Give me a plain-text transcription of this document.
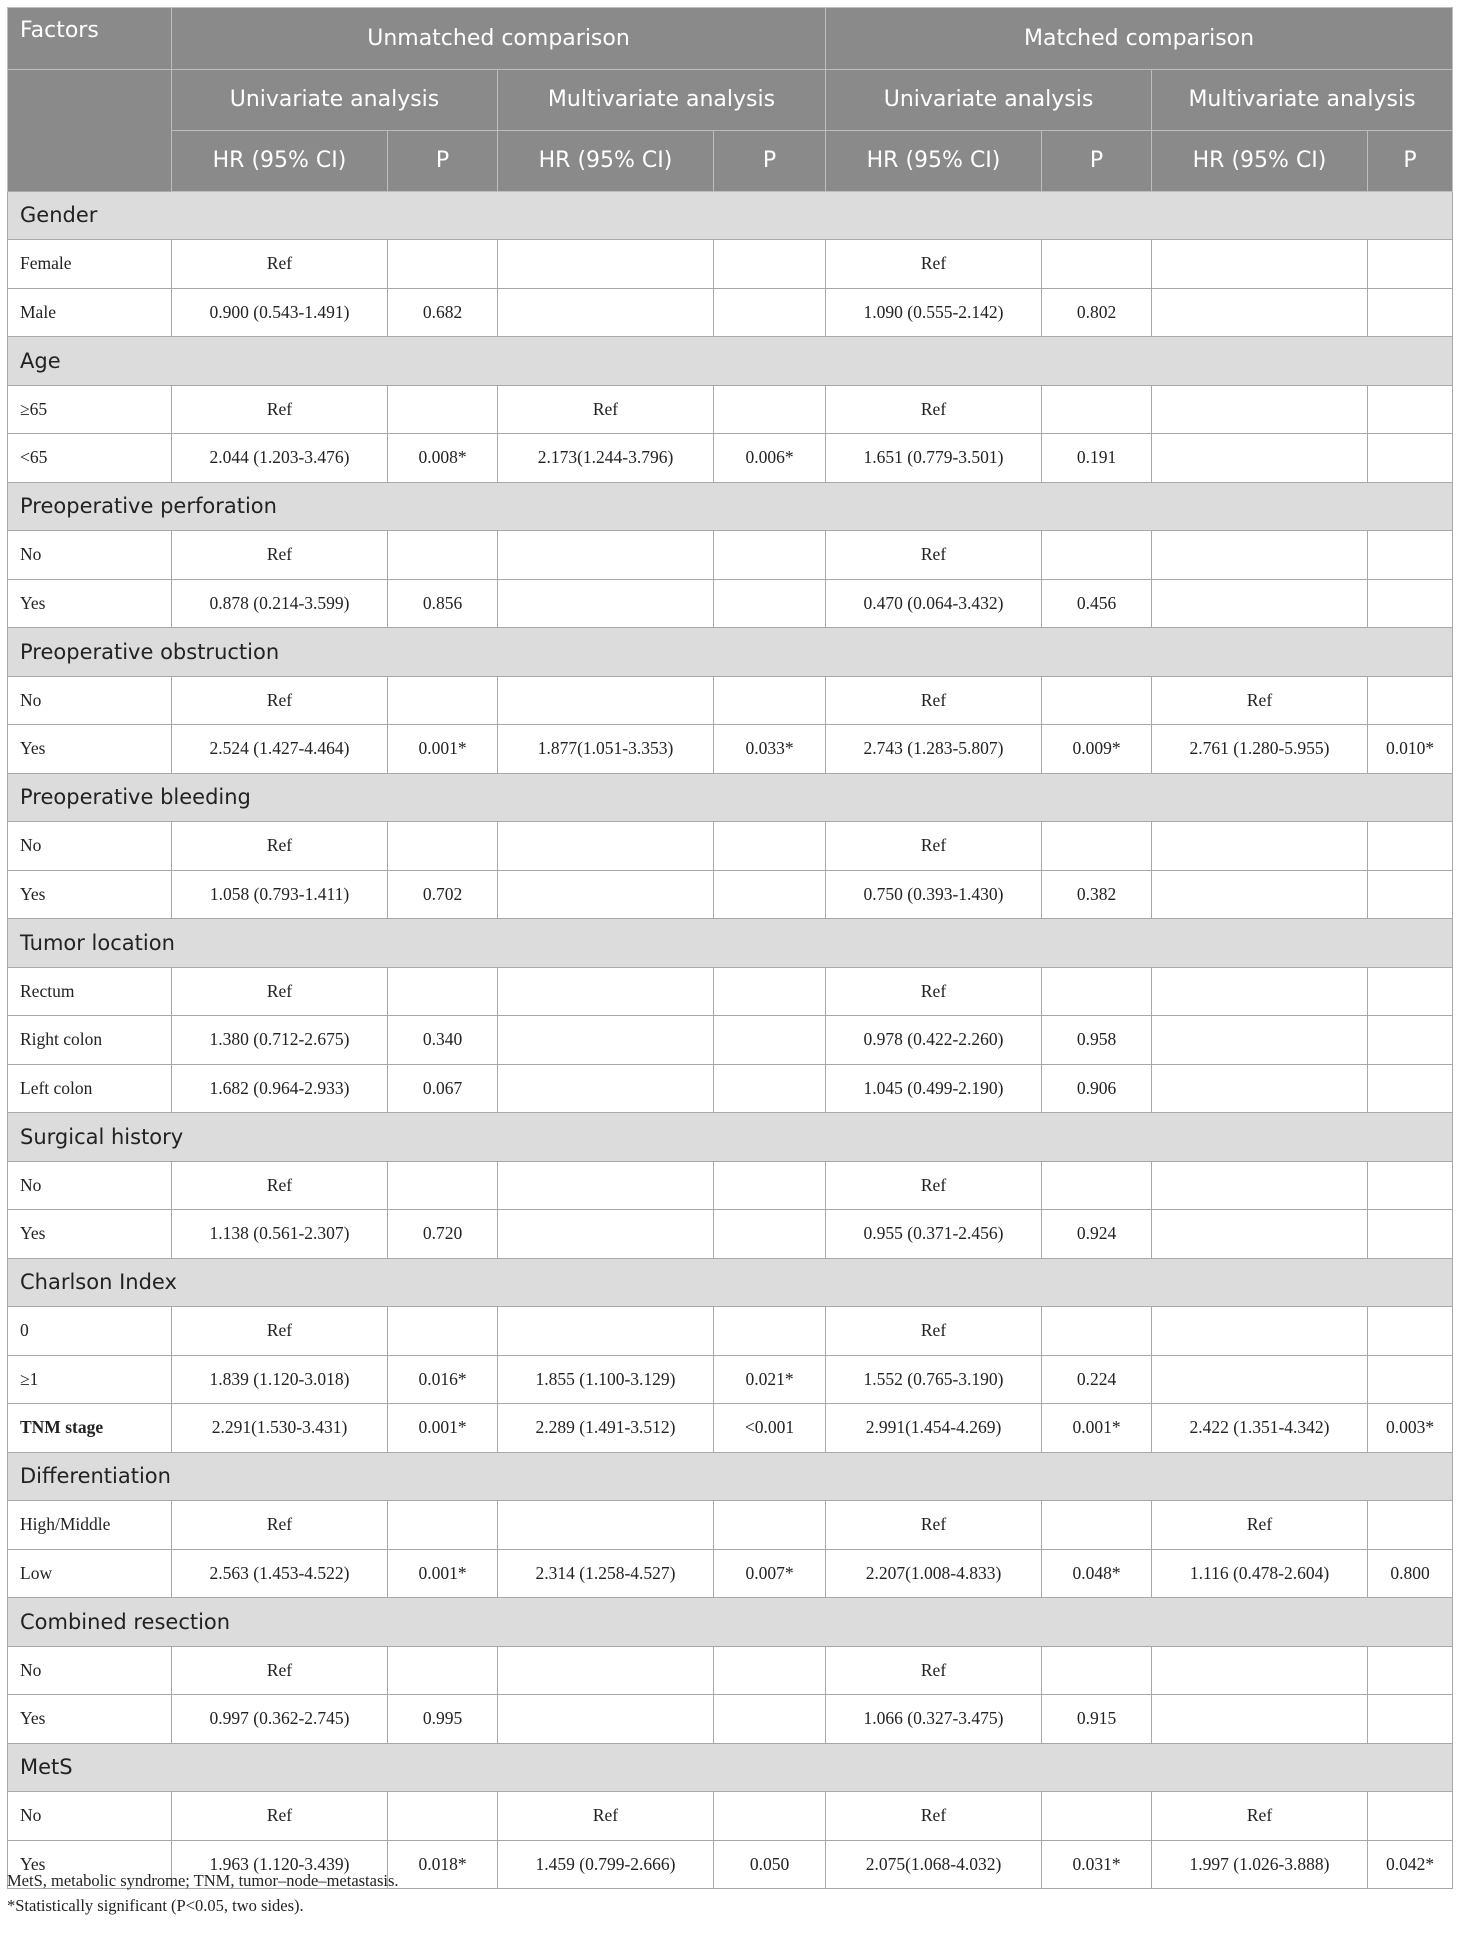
Factors	Unmatched comparison				Matched comparison			
	Univariate analysis		Multivariate analysis		Univariate analysis		Multivariate analysis	
	HR (95% CI)	P	HR (95% CI)	P	HR (95% CI)	P	HR (95% CI)	P
Gender								
Female	Ref				Ref			
Male	0.900 (0.543-1.491)	0.682			1.090 (0.555-2.142)	0.802		
Age								
≥65	Ref		Ref		Ref			
<65	2.044 (1.203-3.476)	0.008*	2.173(1.244-3.796)	0.006*	1.651 (0.779-3.501)	0.191		
Preoperative perforation								
No	Ref				Ref			
Yes	0.878 (0.214-3.599)	0.856			0.470 (0.064-3.432)	0.456		
Preoperative obstruction								
No	Ref				Ref		Ref	
Yes	2.524 (1.427-4.464)	0.001*	1.877(1.051-3.353)	0.033*	2.743 (1.283-5.807)	0.009*	2.761 (1.280-5.955)	0.010*
Preoperative bleeding								
No	Ref				Ref			
Yes	1.058 (0.793-1.411)	0.702			0.750 (0.393-1.430)	0.382		
Tumor location								
Rectum	Ref				Ref			
Right colon	1.380 (0.712-2.675)	0.340			0.978 (0.422-2.260)	0.958		
Left colon	1.682 (0.964-2.933)	0.067			1.045 (0.499-2.190)	0.906		
Surgical history								
No	Ref				Ref			
Yes	1.138 (0.561-2.307)	0.720			0.955 (0.371-2.456)	0.924		
Charlson Index								
0	Ref				Ref			
≥1	1.839 (1.120-3.018)	0.016*	1.855 (1.100-3.129)	0.021*	1.552 (0.765-3.190)	0.224		
TNM stage	2.291(1.530-3.431)	0.001*	2.289 (1.491-3.512)	<0.001	2.991(1.454-4.269)	0.001*	2.422 (1.351-4.342)	0.003*
Differentiation								
High/Middle	Ref				Ref		Ref	
Low	2.563 (1.453-4.522)	0.001*	2.314 (1.258-4.527)	0.007*	2.207(1.008-4.833)	0.048*	1.116 (0.478-2.604)	0.800
Combined resection								
No	Ref				Ref			
Yes	0.997 (0.362-2.745)	0.995			1.066 (0.327-3.475)	0.915		
MetS								
No	Ref		Ref		Ref		Ref	
Yes	1.963 (1.120-3.439)	0.018*	1.459 (0.799-2.666)	0.050	2.075(1.068-4.032)	0.031*	1.997 (1.026-3.888)	0.042*
MetS, metabolic syndrome; TNM, tumor–node–metastasis.
*Statistically significant (P<0.05, two sides).
